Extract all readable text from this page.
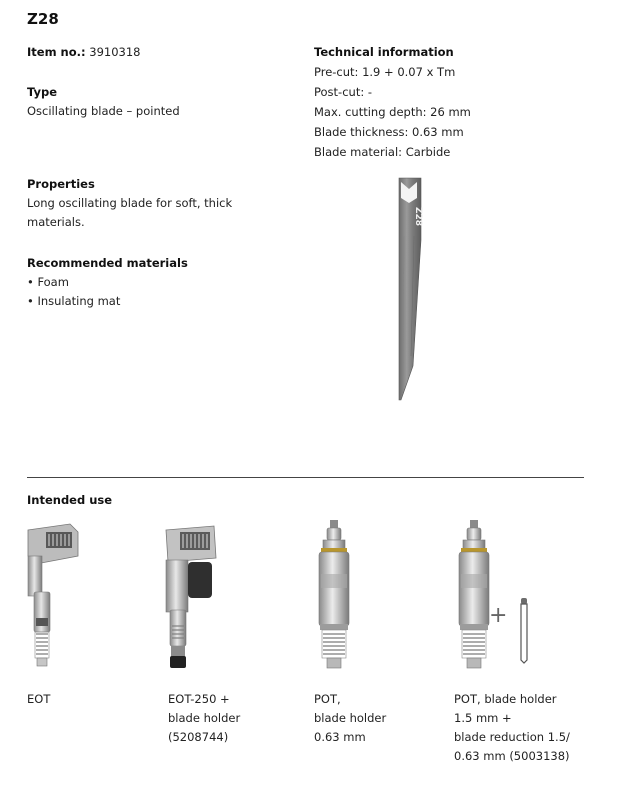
Z28
Item no.: 3910318
Type
Oscillating blade – pointed
Properties
Long oscillating blade for soft, thick
materials.
Recommended materials
• Foam
• Insulating mat
Technical information
Pre-cut: 1.9 + 0.07 x Tm
Post-cut: -
Max. cutting depth: 26 mm
Blade thickness: 0.63 mm
Blade material: Carbide
Z28
Intended use
+
EOT	EOT-250 +
blade holder
(5208744)
POT,
blade holder
0.63 mm
POT, blade holder
1.5 mm +
blade reduction 1.5/
0.63 mm (5003138)
